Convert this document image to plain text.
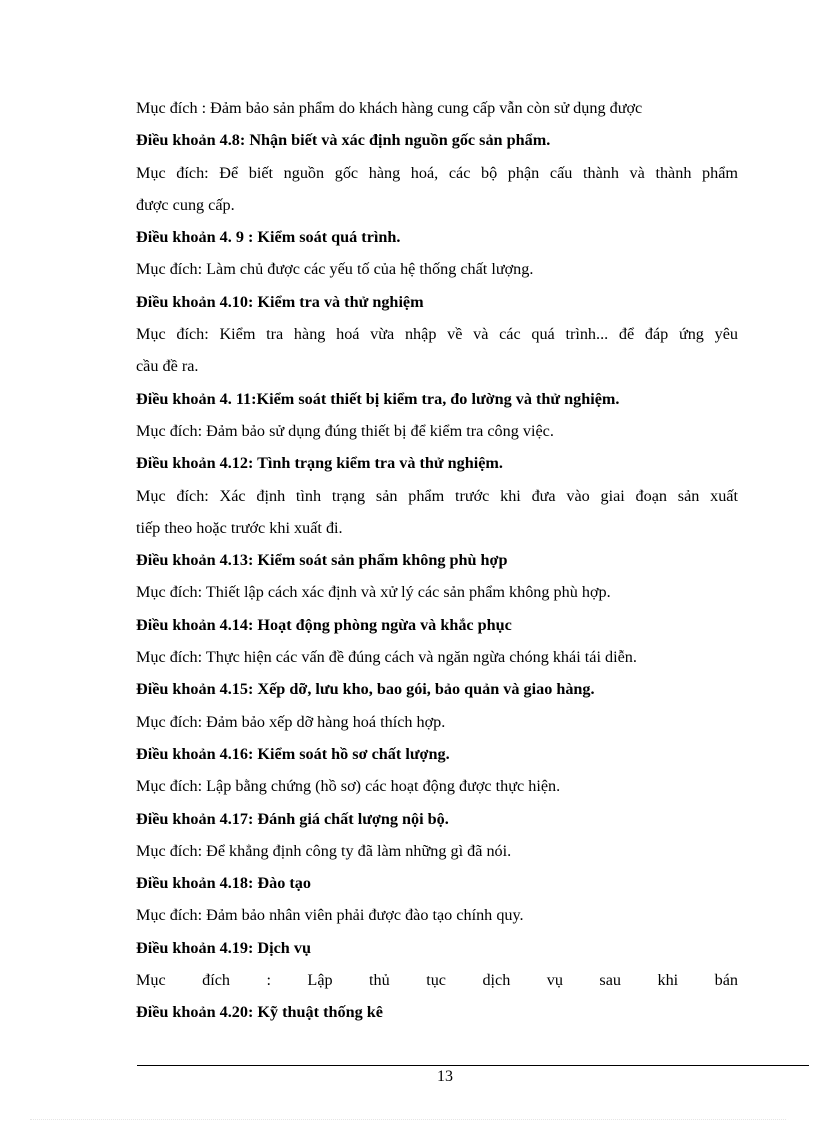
Mục đích : Đảm bảo sản phẩm do khách hàng cung cấp vẫn còn sử dụng được
Điều khoản 4.8: Nhận biết và xác định nguồn gốc sản phẩm.
Mục đích: Để biết nguồn gốc hàng hoá, các bộ phận cấu thành và thành phẩm
được cung cấp.
Điều khoản 4. 9 : Kiểm soát quá trình.
Mục đích: Làm chủ được các yếu tố của hệ thống chất lượng.
Điều khoản 4.10: Kiểm tra và thử nghiệm
Mục đích: Kiểm tra hàng hoá vừa nhập về và các quá trình... để đáp ứng yêu
cầu đề ra.
Điều khoản 4. 11:Kiểm soát thiết bị kiểm tra, đo lường và thử nghiệm.
Mục đích: Đảm bảo sử dụng đúng thiết bị để kiểm tra công việc.
Điều khoản 4.12: Tình trạng kiểm tra và thử nghiệm.
Mục đích: Xác định tình trạng sản phẩm trước khi đưa vào giai đoạn sản xuất
tiếp theo hoặc trước khi xuất đi.
Điều khoản 4.13: Kiểm soát sản phẩm không phù hợp
Mục đích: Thiết lập cách xác định và xử lý các sản phẩm không phù hợp.
Điều khoản 4.14: Hoạt động phòng ngừa và khắc phục
Mục đích: Thực hiện các vấn đề đúng cách và ngăn ngừa chóng khái tái diễn.
Điều khoản 4.15: Xếp dỡ, lưu kho, bao gói, bảo quản và giao hàng.
Mục đích: Đảm bảo xếp dỡ hàng hoá thích hợp.
Điều khoản 4.16: Kiểm soát hồ sơ chất lượng.
Mục đích: Lập bằng chứng (hồ sơ) các hoạt động được thực hiện.
Điều khoản 4.17: Đánh giá chất lượng nội bộ.
Mục đích: Để khẳng định công ty đã làm những gì đã nói.
Điều khoản 4.18: Đào tạo
Mục đích: Đảm bảo nhân viên phải được đào tạo chính quy.
Điều khoản 4.19: Dịch vụ
Mục đích : Lập thủ tục dịch vụ sau khi bán
Điều khoản 4.20: Kỹ thuật thống kê
13
